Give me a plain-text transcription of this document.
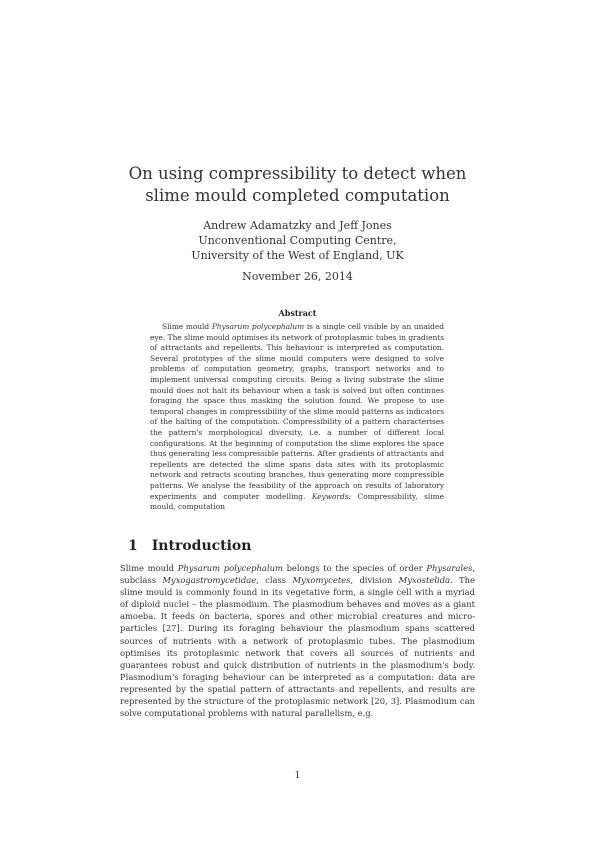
On using compressibility to detect when slime mould completed computation
Andrew Adamatzky and Jeff Jones
Unconventional Computing Centre,
University of the West of England, UK
November 26, 2014
Abstract

Slime mould Physarum polycephalum is a single cell visible by an unaided eye. The slime mould optimises its network of protoplasmic tubes in gradients of attractants and repellents. This behaviour is interpreted as computation. Several prototypes of the slime mould computers were designed to solve problems of computation geometry, graphs, transport networks and to implement universal computing circuits. Being a living substrate the slime mould does not halt its behaviour when a task is solved but often continues foraging the space thus masking the solution found. We propose to use temporal changes in compressibility of the slime mould patterns as indicators of the halting of the computation. Compressibility of a pattern characterises the pattern's morphological diversity, i.e. a number of different local configurations. At the beginning of computation the slime explores the space thus generating less compressible patterns. After gradients of attractants and repellents are detected the slime spans data sites with its protoplasmic network and retracts scouting branches, thus generating more compressible patterns. We analyse the feasibility of the approach on results of laboratory experiments and computer modelling. Keywords: Compressibility, slime mould, computation

1 Introduction

Slime mould Physarum polycephalum belongs to the species of order Physarales, subclass Myxogastromycetidae, class Myxomycetes, division Myxostelida. The slime mould is commonly found in its vegetative form, a single cell with a myriad of diploid nuclei – the plasmodium. The plasmodium behaves and moves as a giant amoeba. It feeds on bacteria, spores and other microbial creatures and micro-particles [27]. During its foraging behaviour the plasmodium spans scattered sources of nutrients with a network of protoplasmic tubes. The plasmodium optimises its protoplasmic network that covers all sources of nutrients and guarantees robust and quick distribution of nutrients in the plasmodium's body. Plasmodium's foraging behaviour can be interpreted as a computation: data are represented by the spatial pattern of attractants and repellents, and results are represented by the structure of the protoplasmic network [20, 3]. Plasmodium can solve computational problems with natural parallelism, e.g.

1
